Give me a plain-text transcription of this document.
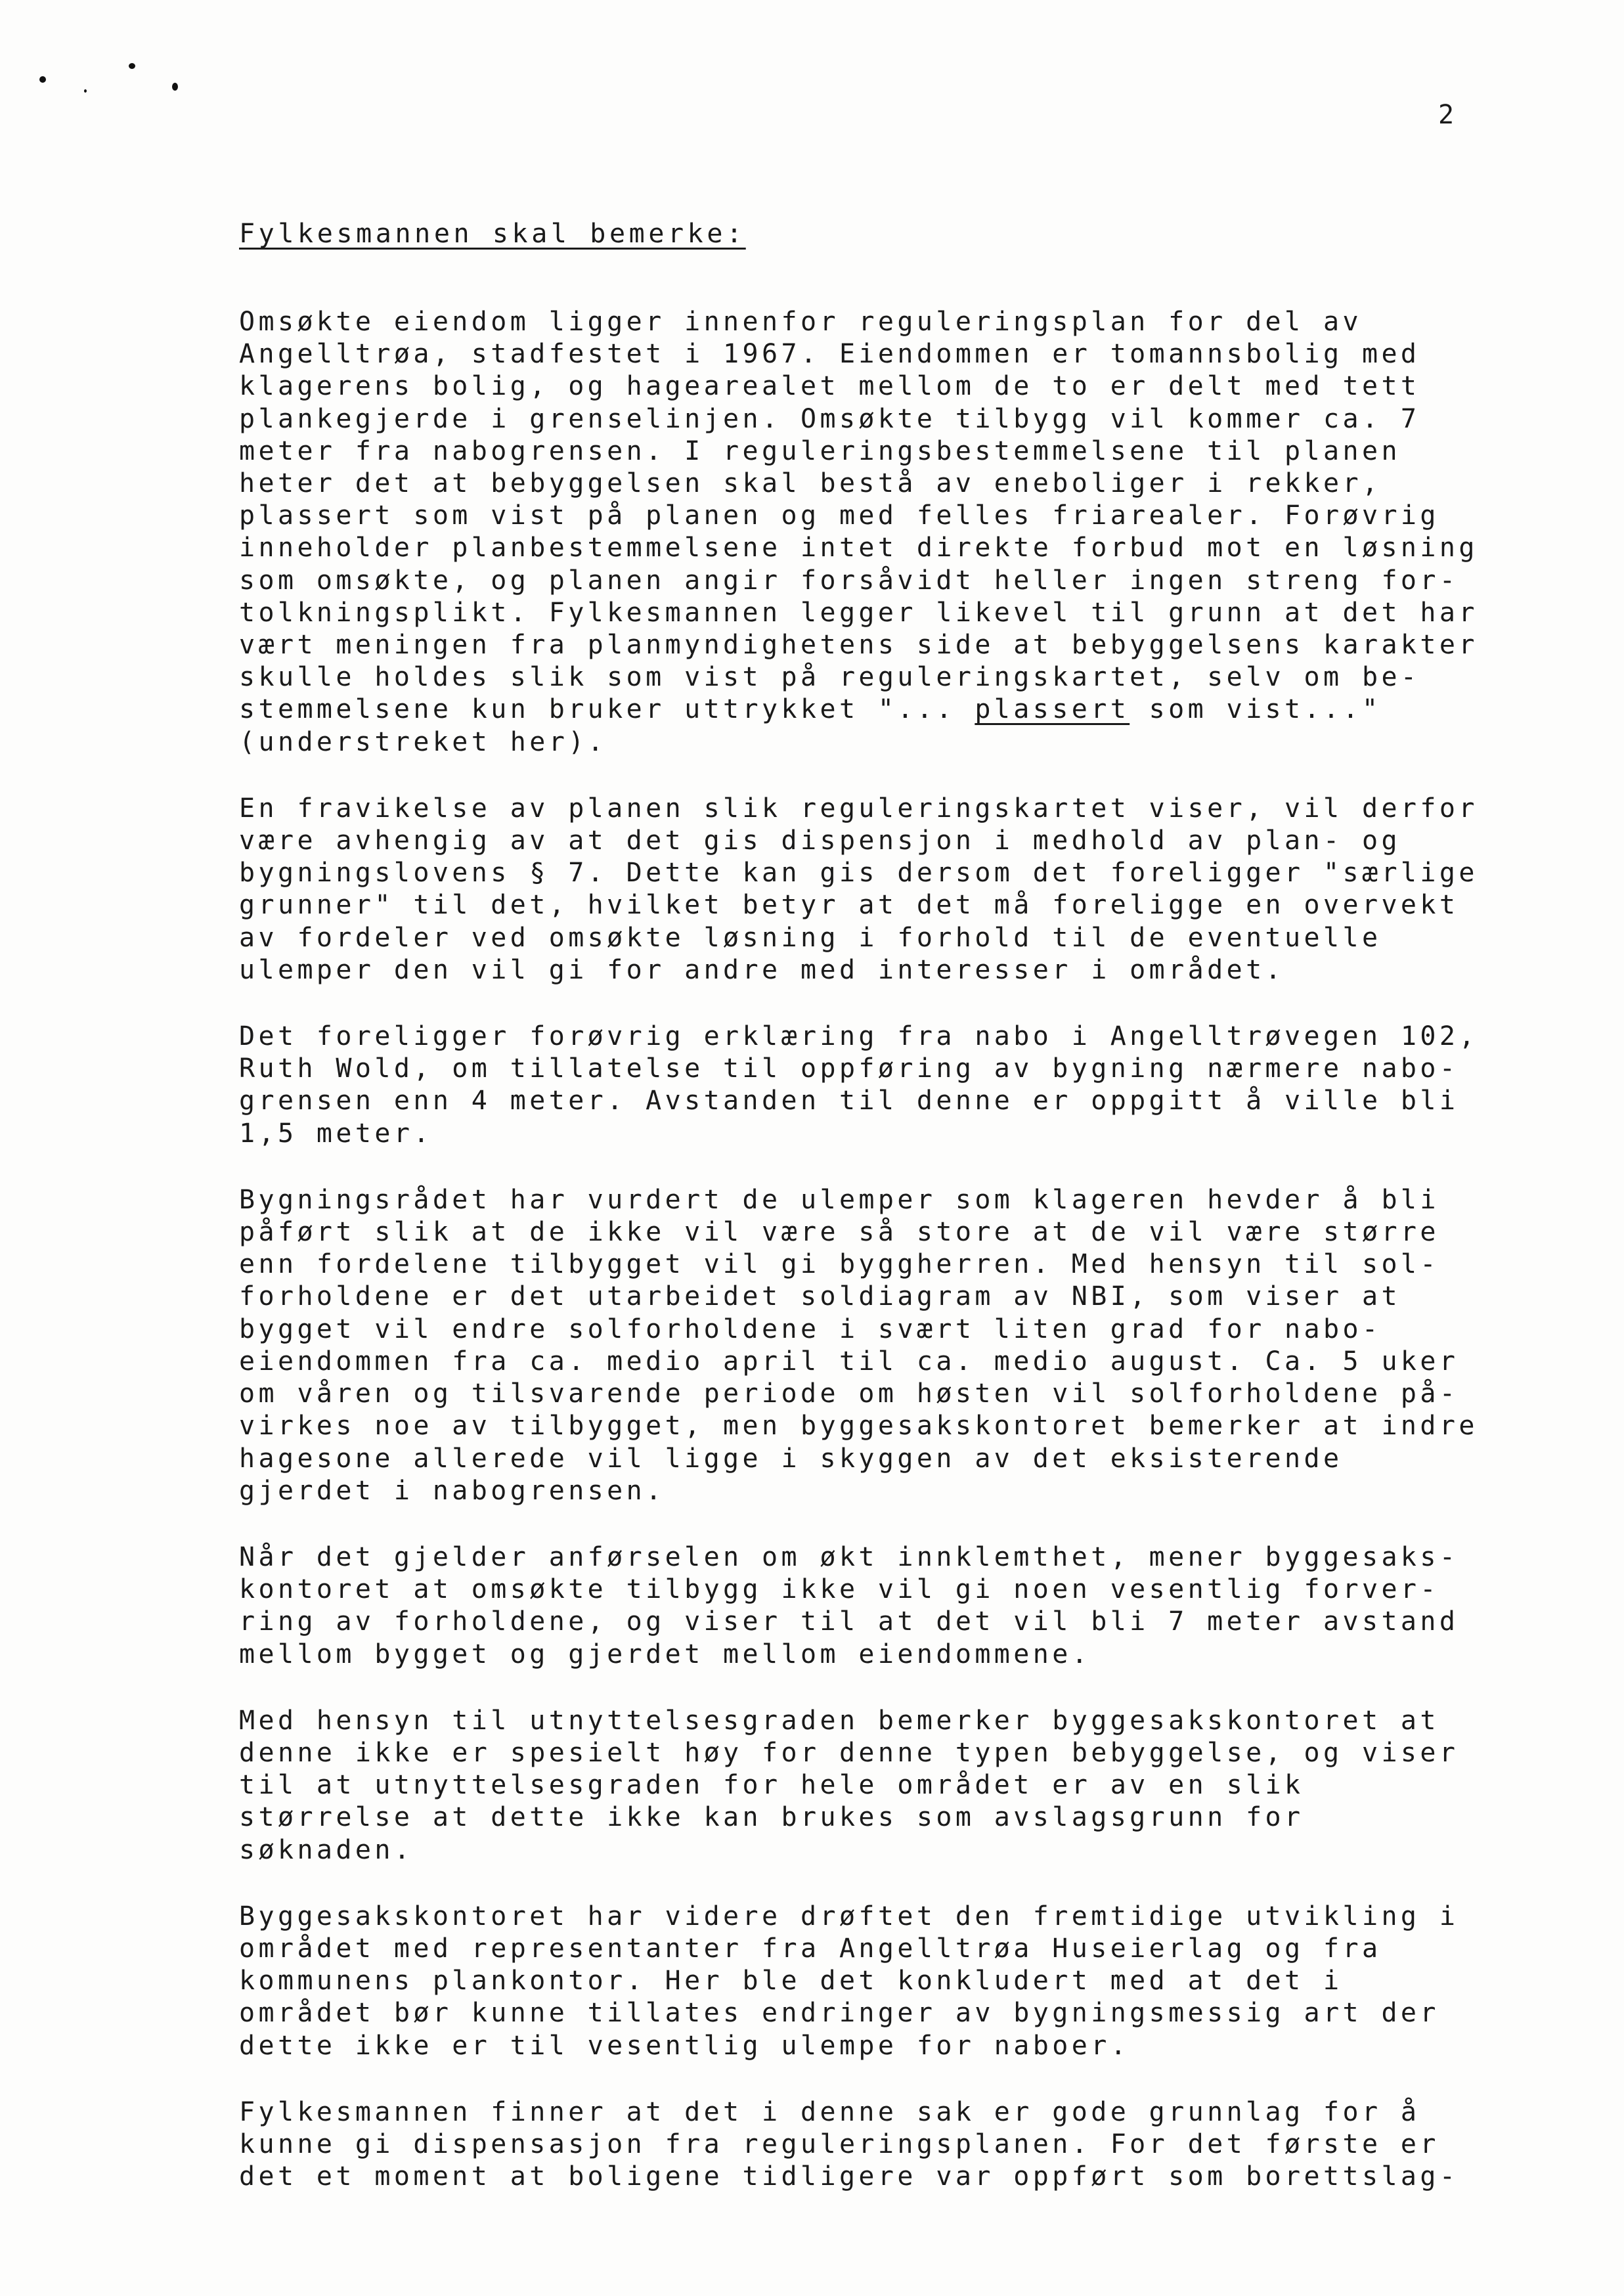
2
Fylkesmannen skal bemerke:
Omsøkte eiendom ligger innenfor reguleringsplan for del av
Angelltrøa, stadfestet i 1967. Eiendommen er tomannsbolig med
klagerens bolig, og hagearealet mellom de to er delt med tett
plankegjerde i grenselinjen. Omsøkte tilbygg vil kommer ca. 7
meter fra nabogrensen. I reguleringsbestemmelsene til planen
heter det at bebyggelsen skal bestå av eneboliger i rekker,
plassert som vist på planen og med felles friarealer. Forøvrig
inneholder planbestemmelsene intet direkte forbud mot en løsning
som omsøkte, og planen angir forsåvidt heller ingen streng for-
tolkningsplikt. Fylkesmannen legger likevel til grunn at det har
vært meningen fra planmyndighetens side at bebyggelsens karakter
skulle holdes slik som vist på reguleringskartet, selv om be-
stemmelsene kun bruker uttrykket "... plassert som vist..."
(understreket her).
En fravikelse av planen slik reguleringskartet viser, vil derfor
være avhengig av at det gis dispensjon i medhold av plan- og
bygningslovens § 7. Dette kan gis dersom det foreligger "særlige
grunner" til det, hvilket betyr at det må foreligge en overvekt
av fordeler ved omsøkte løsning i forhold til de eventuelle
ulemper den vil gi for andre med interesser i området.
Det foreligger forøvrig erklæring fra nabo i Angelltrøvegen 102,
Ruth Wold, om tillatelse til oppføring av bygning nærmere nabo-
grensen enn 4 meter. Avstanden til denne er oppgitt å ville bli
1,5 meter.
Bygningsrådet har vurdert de ulemper som klageren hevder å bli
påført slik at de ikke vil være så store at de vil være større
enn fordelene tilbygget vil gi byggherren. Med hensyn til sol-
forholdene er det utarbeidet soldiagram av NBI, som viser at
bygget vil endre solforholdene i svært liten grad for nabo-
eiendommen fra ca. medio april til ca. medio august. Ca. 5 uker
om våren og tilsvarende periode om høsten vil solforholdene på-
virkes noe av tilbygget, men byggesakskontoret bemerker at indre
hagesone allerede vil ligge i skyggen av det eksisterende
gjerdet i nabogrensen.
Når det gjelder anførselen om økt innklemthet, mener byggesaks-
kontoret at omsøkte tilbygg ikke vil gi noen vesentlig forver-
ring av forholdene, og viser til at det vil bli 7 meter avstand
mellom bygget og gjerdet mellom eiendommene.
Med hensyn til utnyttelsesgraden bemerker byggesakskontoret at
denne ikke er spesielt høy for denne typen bebyggelse, og viser
til at utnyttelsesgraden for hele området er av en slik
størrelse at dette ikke kan brukes som avslagsgrunn for
søknaden.
Byggesakskontoret har videre drøftet den fremtidige utvikling i
området med representanter fra Angelltrøa Huseierlag og fra
kommunens plankontor. Her ble det konkludert med at det i
området bør kunne tillates endringer av bygningsmessig art der
dette ikke er til vesentlig ulempe for naboer.
Fylkesmannen finner at det i denne sak er gode grunnlag for å
kunne gi dispensasjon fra reguleringsplanen. For det første er
det et moment at boligene tidligere var oppført som borettslag-
